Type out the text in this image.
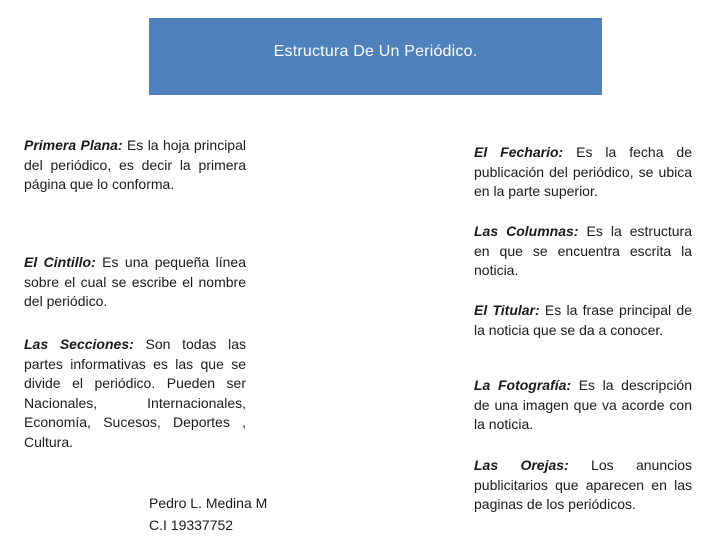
Estructura De Un Periódico.
Primera Plana: Es la hoja principal del periódico, es decir la primera página que lo conforma.
El Cintillo: Es una pequeña línea sobre el cual se escribe el nombre del periódico.
Las Secciones: Son todas las partes informativas es las que se divide el periódico. Pueden ser Nacionales, Internacionales, Economía, Sucesos, Deportes , Cultura.
El Fechario: Es la fecha de publicación del periódico, se ubica en la parte superior.
Las Columnas: Es la estructura en que se encuentra escrita la noticia.
El Titular: Es la frase principal de la noticia que se da a conocer.
La Fotografía: Es la descripción de una imagen que va acorde con la noticia.
Las Orejas: Los anuncios publicitarios que aparecen en las paginas de los periódicos.
Pedro L. Medina M
C.I 19337752
